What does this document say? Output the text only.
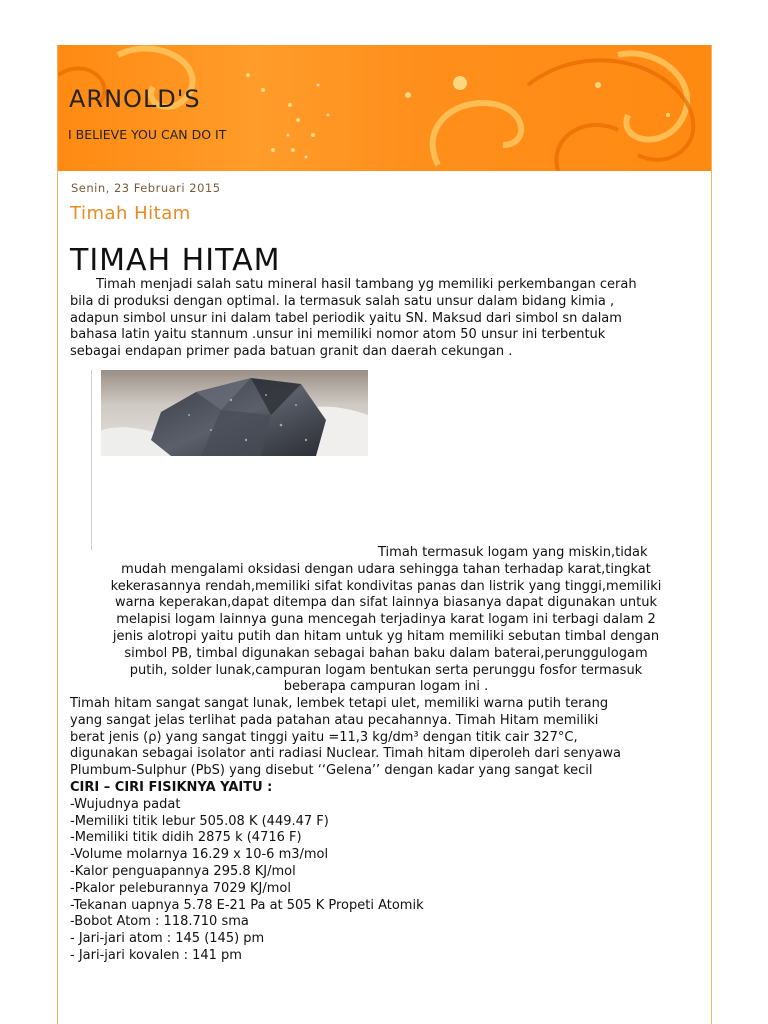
ARNOLD'S

I BELIEVE YOU CAN DO IT

Senin, 23 Februari 2015
Timah Hitam
TIMAH HITAM
Timah menjadi salah satu mineral hasil tambang yg memiliki perkembangan cerah
bila di produksi dengan optimal. Ia termasuk salah satu unsur dalam bidang kimia ,
adapun simbol unsur ini dalam tabel periodik yaitu SN. Maksud dari simbol sn dalam
bahasa latin yaitu stannum .unsur ini memiliki nomor atom 50 unsur ini terbentuk
sebagai endapan primer pada batuan granit dan daerah cekungan .
Timah termasuk logam yang miskin,tidak
mudah mengalami oksidasi dengan udara sehingga tahan terhadap karat,tingkat
kekerasannya rendah,memiliki sifat kondivitas panas dan listrik yang tinggi,memiliki
warna keperakan,dapat ditempa dan sifat lainnya biasanya dapat digunakan untuk
melapisi logam lainnya guna mencegah terjadinya karat logam ini terbagi dalam 2
jenis alotropi yaitu putih dan hitam untuk yg hitam memiliki sebutan timbal dengan
simbol PB, timbal digunakan sebagai bahan baku dalam baterai,perunggulogam
putih, solder lunak,campuran logam bentukan serta perunggu fosfor termasuk
beberapa campuran logam ini .
Timah hitam sangat sangat lunak, lembek tetapi ulet, memiliki warna putih terang
yang sangat jelas terlihat pada patahan atau pecahannya. Timah Hitam memiliki
berat jenis (ρ) yang sangat tinggi yaitu =11,3 kg/dm³ dengan titik cair 327°C,
digunakan sebagai isolator anti radiasi Nuclear. Timah hitam diperoleh dari senyawa
Plumbum-Sulphur (PbS) yang disebut ‘‘Gelena’’ dengan kadar yang sangat kecil
CIRI – CIRI FISIKNYA YAITU :
-Wujudnya padat
-Memiliki titik lebur 505.08 K (449.47 F)
-Memiliki titik didih 2875 k (4716 F)
-Volume molarnya 16.29 x 10-6 m3/mol
-Kalor penguapannya 295.8 KJ/mol
-Pkalor peleburannya 7029 KJ/mol
-Tekanan uapnya 5.78 E-21 Pa at 505 K Propeti Atomik
-Bobot Atom : 118.710 sma
- Jari-jari atom : 145 (145) pm
- Jari-jari kovalen : 141 pm
